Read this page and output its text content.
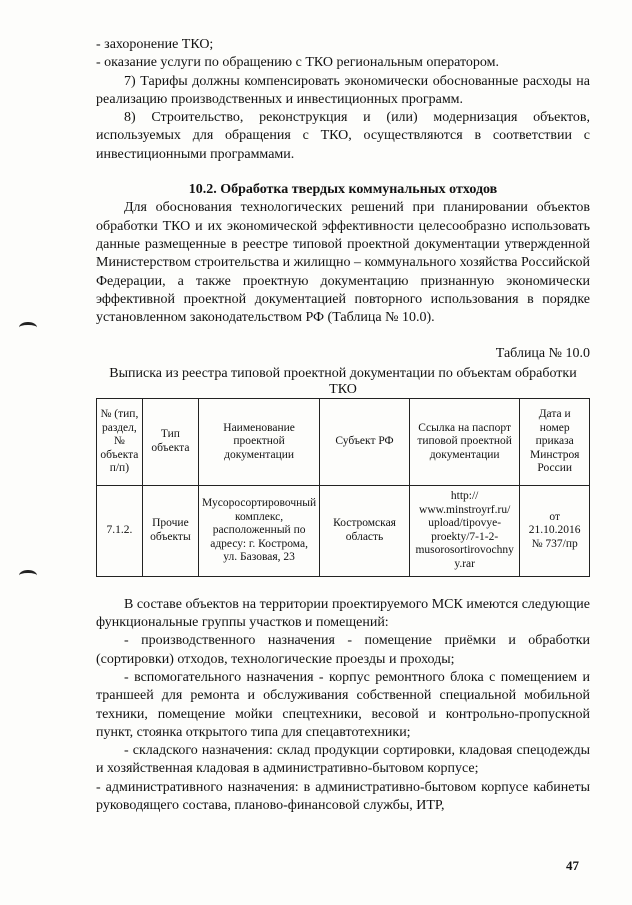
- захоронение ТКО;

- оказание услуги по обращению с ТКО региональным оператором.

7) Тарифы должны компенсировать экономически обоснованные расходы на реализацию производственных и инвестиционных программ.

8) Строительство, реконструкция и (или) модернизация объектов, используемых для обращения с ТКО, осуществляются в соответствии с инвестиционными программами.

10.2. Обработка твердых коммунальных отходов

Для обоснования технологических решений при планировании объектов обработки ТКО и их экономической эффективности целесообразно использовать данные размещенные в реестре типовой проектной документации утвержденной Министерством строительства и жилищно – коммунального хозяйства Российской Федерации, а также проектную документацию признанную экономически эффективной проектной документацией повторного использования в порядке установленном законодательством РФ (Таблица № 10.0).

Таблица № 10.0

Выписка из реестра типовой проектной документации по объектам обработки ТКО

№ (тип, раздел, № объекта п/п)	Тип объекта	Наименование проектной документации	Субъект РФ	Ссылка на паспорт типовой проектной документации	Дата и номер приказа Минстроя России
7.1.2.	Прочие объекты	Мусоросортировочный комплекс, расположенный по адресу: г. Кострома, ул. Базовая, 23	Костромская область	http:// www.minstroyrf.ru/ upload/tipovye-proekty/7-1-2-musorosortirovochny y.rar	от 21.10.2016 № 737/пр

В составе объектов на территории проектируемого МСК имеются следующие функциональные группы участков и помещений:

- производственного назначения - помещение приёмки и обработки (сортировки) отходов, технологические проезды и проходы;

- вспомогательного назначения - корпус ремонтного блока с помещением и траншеей для ремонта и обслуживания собственной специальной мобильной техники, помещение мойки спецтехники, весовой и контрольно-пропускной пункт, стоянка открытого типа для спецавтотехники;

- складского назначения: склад продукции сортировки, кладовая спецодежды и хозяйственная кладовая в административно-бытовом корпусе;

- административного назначения: в административно-бытовом корпусе кабинеты руководящего состава, планово-финансовой службы, ИТР,

47
